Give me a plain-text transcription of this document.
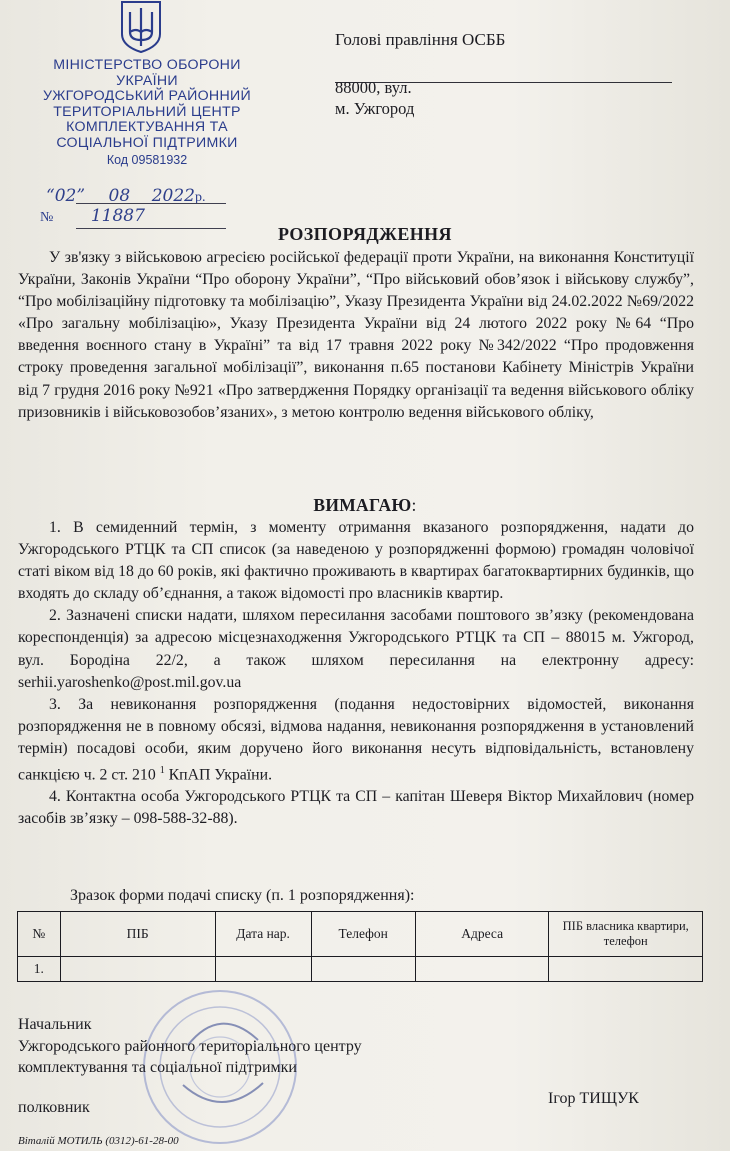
МІНІСТЕРСТВО ОБОРОНИ
УКРАЇНИ
УЖГОРОДСЬКИЙ РАЙОННИЙ
ТЕРИТОРІАЛЬНИЙ ЦЕНТР
КОМПЛЕКТУВАННЯ ТА
СОЦІАЛЬНОЇ ПІДТРИМКИ
Код 09581932
“02” 08 2022р.
№ 11887
Голові правління ОСББ
88000, вул.
м. Ужгород
РОЗПОРЯДЖЕННЯ

У зв'язку з військовою агресією російської федерації проти України, на виконання Конституції України, Законів України “Про оборону України”, “Про військовий обов’язок і військову службу”, “Про мобілізаційну підготовку та мобілізацію”, Указу Президента України від 24.02.2022 №69/2022 «Про загальну мобілізацію», Указу Президента України від 24 лютого 2022 року №64 “Про введення воєнного стану в Україні” та від 17 травня 2022 року №342/2022 “Про продовження строку проведення загальної мобілізації”, виконання п.65 постанови Кабінету Міністрів України від 7 грудня 2016 року №921 «Про затвердження Порядку організації та ведення військового обліку призовників і військовозобов’язаних», з метою контролю ведення військового обліку,

ВИМАГАЮ:

1. В семиденний термін, з моменту отримання вказаного розпорядження, надати до Ужгородського РТЦК та СП список (за наведеною у розпорядженні формою) громадян чоловічої статі віком від 18 до 60 років, які фактично проживають в квартирах багатоквартирних будинків, що входять до складу об’єднання, а також відомості про власників квартир.

2. Зазначені списки надати, шляхом пересилання засобами поштового зв’язку (рекомендована кореспонденція) за адресою місцезнаходження Ужгородського РТЦК та СП – 88015 м. Ужгород, вул. Бородіна 22/2, а також шляхом пересилання на електронну адресу: serhii.yaroshenko@post.mil.gov.ua

3. За невиконання розпорядження (подання недостовірних відомостей, виконання розпорядження не в повному обсязі, відмова надання, невиконання розпорядження в установлений термін) посадові особи, яким доручено його виконання несуть відповідальність, встановлену санкцією ч. 2 ст. 210 $^1$ КпАП України.

4. Контактна особа Ужгородського РТЦК та СП – капітан Шеверя Віктор Михайлович (номер засобів зв’язку – 098-588-32-88).

Зразок форми подачі списку (п. 1 розпорядження):
№	ПІБ	Дата нар.	Телефон	Адреса	ПІБ власника квартири, телефон
1.					
Начальник
Ужгородського районного територіального центру
комплектування та соціальної підтримки
полковник
Ігор ТИЩУК
Віталій МОТИЛЬ (0312)-61-28-00
